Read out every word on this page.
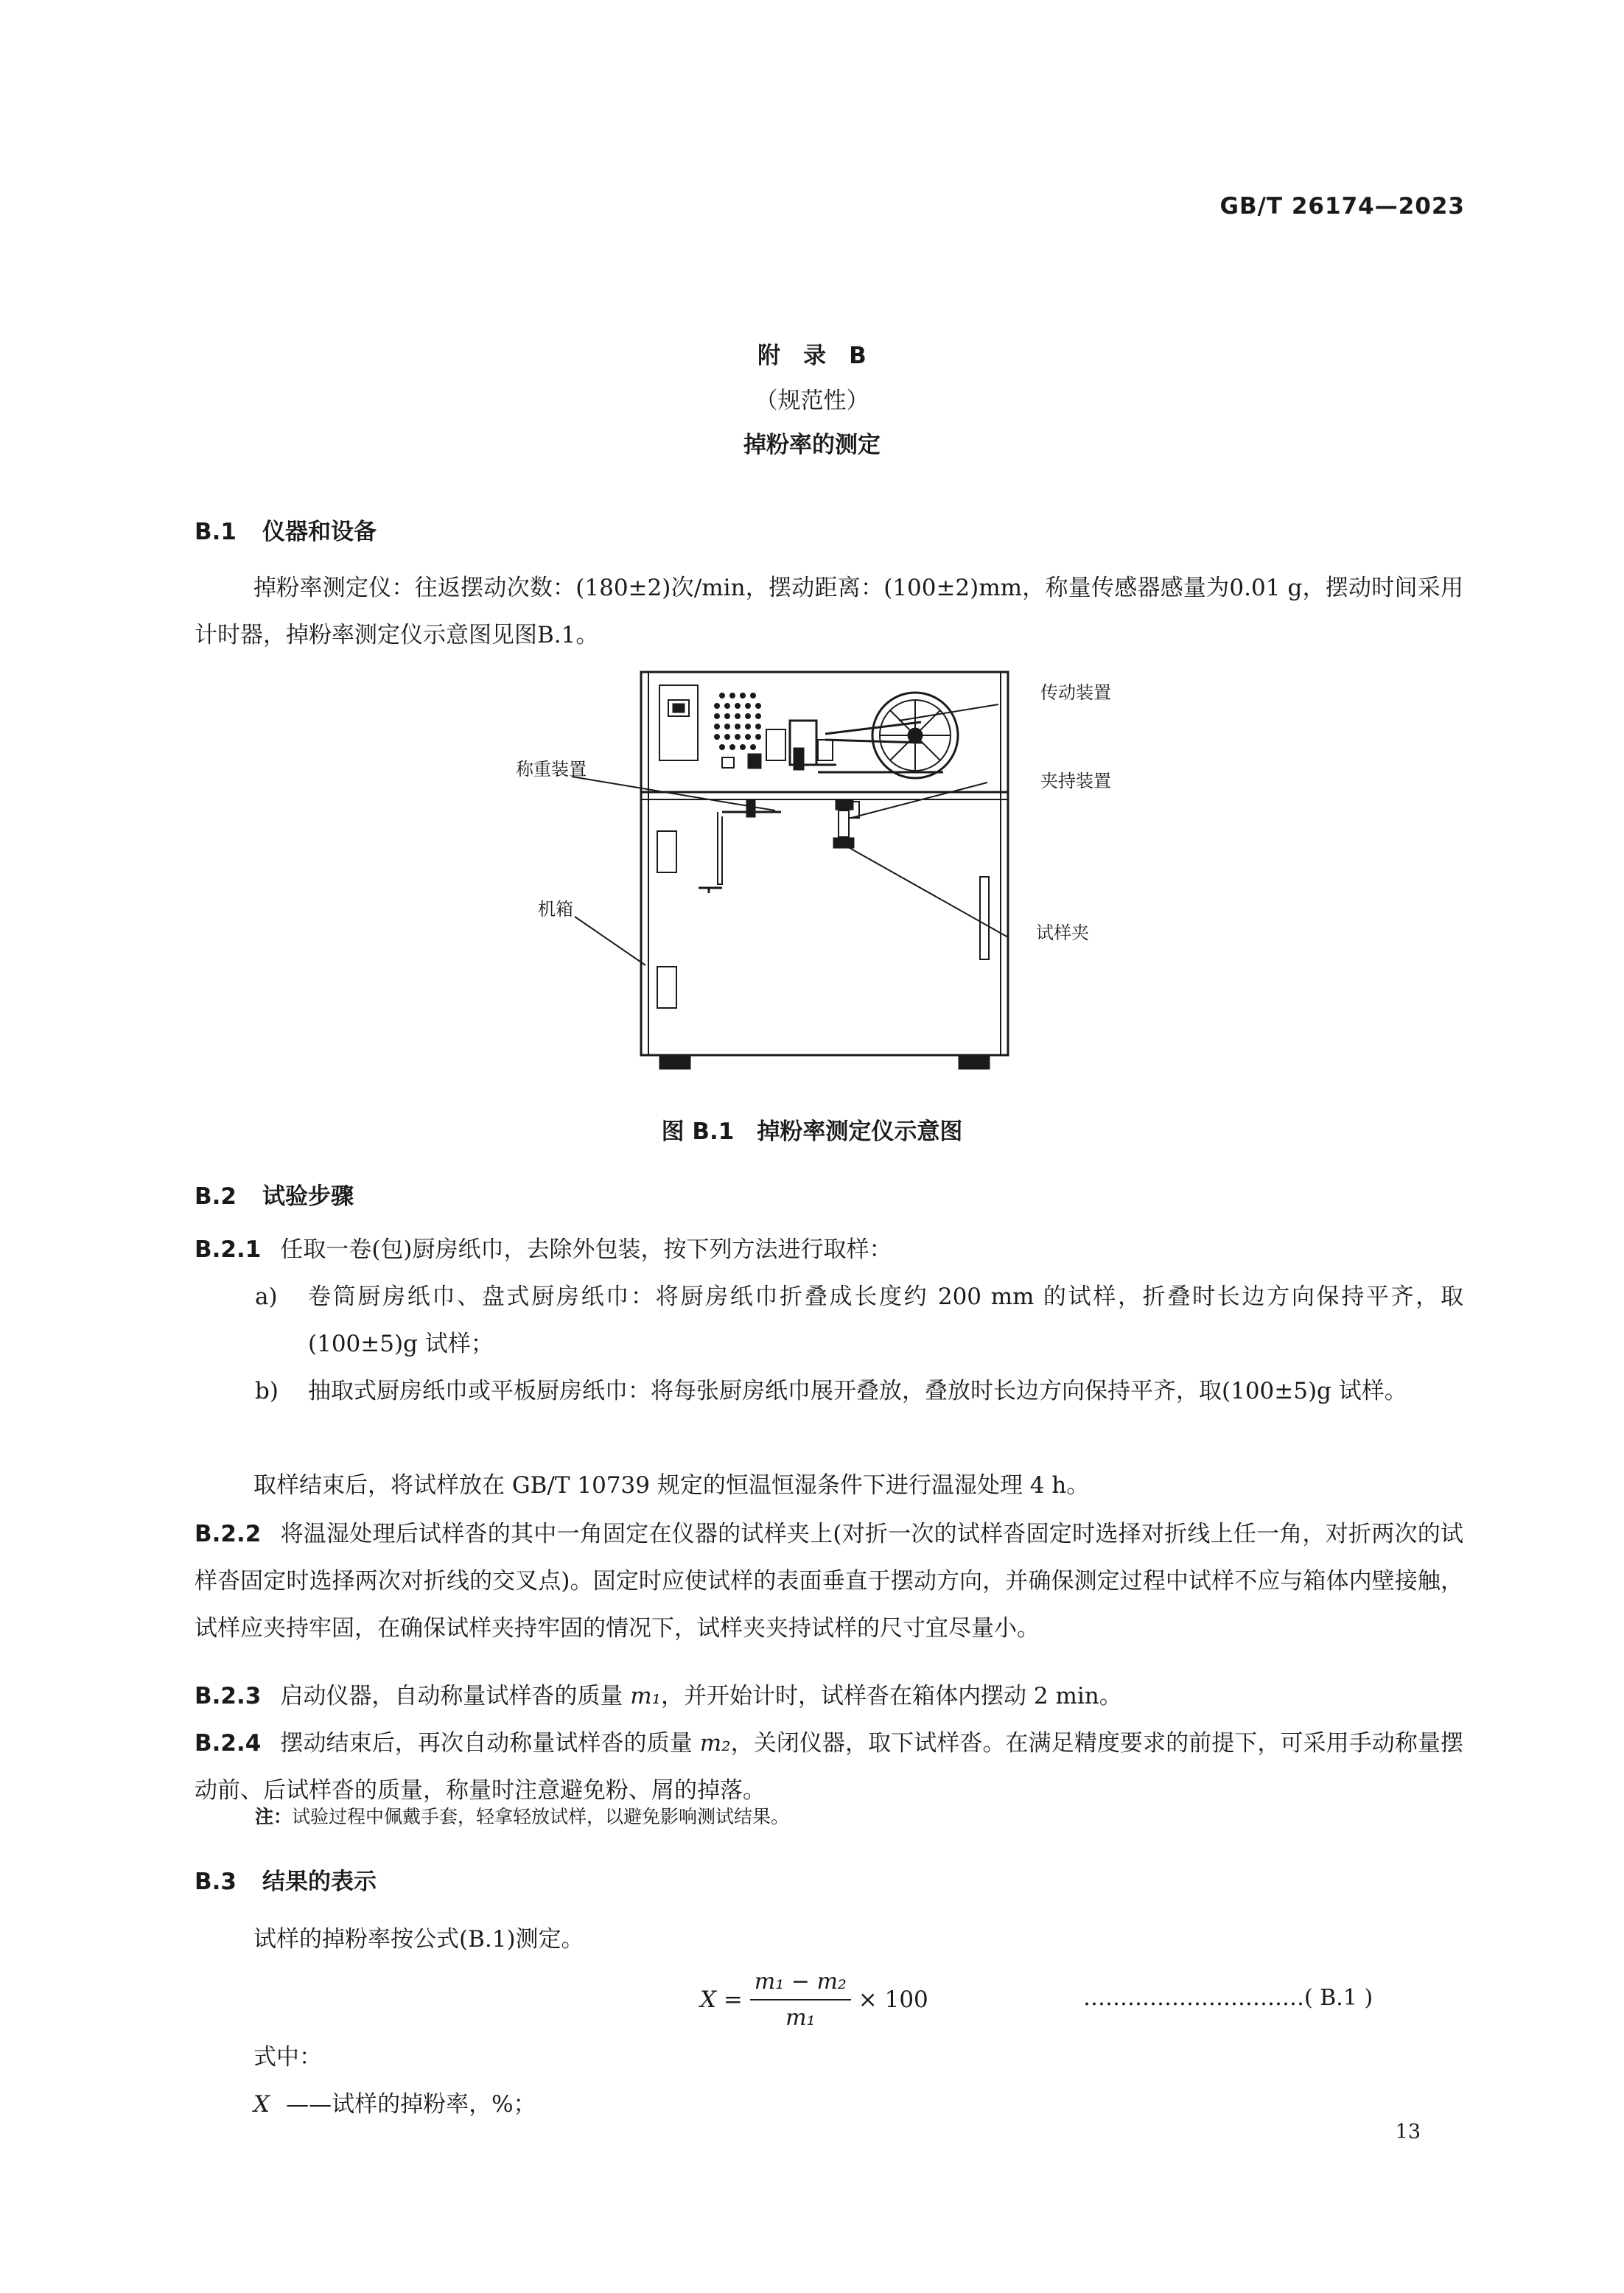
GB/T 26174—2023
附　录　B
（规范性）
掉粉率的测定
B.1 仪器和设备
掉粉率测定仪：往返摆动次数：(180±2)次/min，摆动距离：(100±2)mm，称量传感器感量为0.01 g，摆动时间采用计时器，掉粉率测定仪示意图见图B.1。
传动装置
称重装置
夹持装置
机箱
试样夹
图 B.1　掉粉率测定仪示意图
B.2 试验步骤
B.2.1 任取一卷(包)厨房纸巾，去除外包装，按下列方法进行取样：
a) 卷筒厨房纸巾、盘式厨房纸巾：将厨房纸巾折叠成长度约 200 mm 的试样，折叠时长边方向保持平齐，取(100±5)g 试样；
b) 抽取式厨房纸巾或平板厨房纸巾：将每张厨房纸巾展开叠放，叠放时长边方向保持平齐，取(100±5)g 试样。
取样结束后，将试样放在 GB/T 10739 规定的恒温恒湿条件下进行温湿处理 4 h。
B.2.2 将温湿处理后试样沓的其中一角固定在仪器的试样夹上(对折一次的试样沓固定时选择对折线上任一角，对折两次的试样沓固定时选择两次对折线的交叉点)。固定时应使试样的表面垂直于摆动方向，并确保测定过程中试样不应与箱体内壁接触，试样应夹持牢固，在确保试样夹持牢固的情况下，试样夹夹持试样的尺寸宜尽量小。
B.2.3 启动仪器，自动称量试样沓的质量 m₁，并开始计时，试样沓在箱体内摆动 2 min。
B.2.4 摆动结束后，再次自动称量试样沓的质量 m₂，关闭仪器，取下试样沓。在满足精度要求的前提下，可采用手动称量摆动前、后试样沓的质量，称量时注意避免粉、屑的掉落。
注：试验过程中佩戴手套，轻拿轻放试样，以避免影响测试结果。
B.3 结果的表示
试样的掉粉率按公式(B.1)测定。
$X = \frac{\text{m₁ − m₂}}{\text{m₁}} \times 100$	…………………………( B.1 )
式中：
X ——试样的掉粉率，%；
13
